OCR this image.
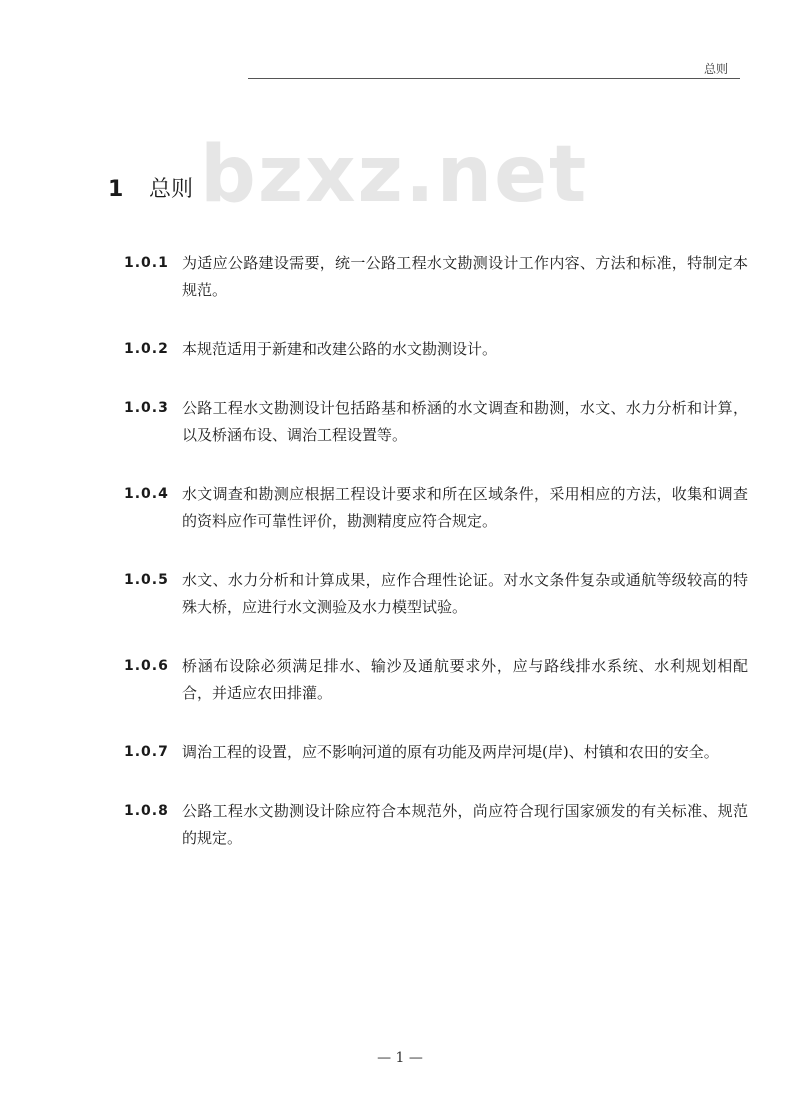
总则
bzxz.net
1 总则
1.0.1 为适应公路建设需要，统一公路工程水文勘测设计工作内容、方法和标准，特制定本规范。
1.0.2 本规范适用于新建和改建公路的水文勘测设计。
1.0.3 公路工程水文勘测设计包括路基和桥涵的水文调查和勘测，水文、水力分析和计算，以及桥涵布设、调治工程设置等。
1.0.4 水文调查和勘测应根据工程设计要求和所在区域条件，采用相应的方法，收集和调查的资料应作可靠性评价，勘测精度应符合规定。
1.0.5 水文、水力分析和计算成果，应作合理性论证。对水文条件复杂或通航等级较高的特殊大桥，应进行水文测验及水力模型试验。
1.0.6 桥涵布设除必须满足排水、输沙及通航要求外，应与路线排水系统、水利规划相配合，并适应农田排灌。
1.0.7 调治工程的设置，应不影响河道的原有功能及两岸河堤(岸)、村镇和农田的安全。
1.0.8 公路工程水文勘测设计除应符合本规范外，尚应符合现行国家颁发的有关标准、规范的规定。
— 1 —
